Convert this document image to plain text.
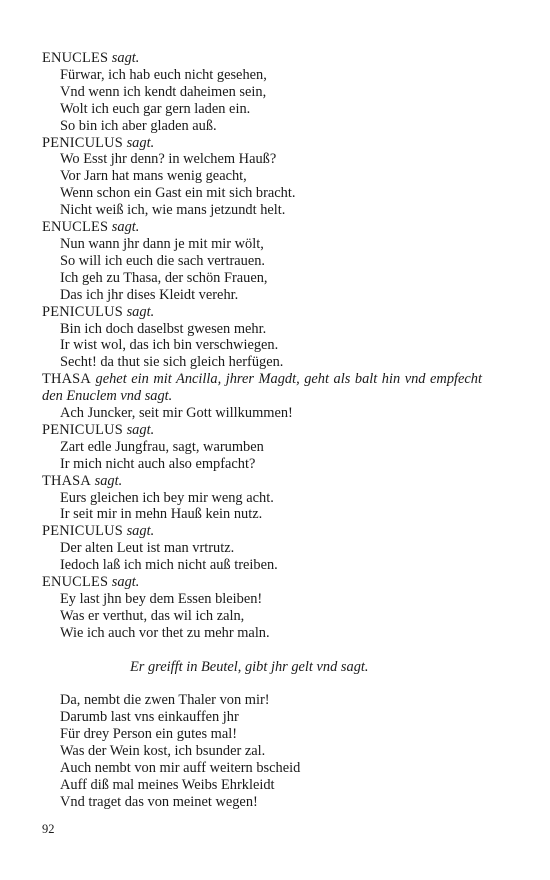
ENUCLES sagt.

Fürwar, ich hab euch nicht gesehen,

Vnd wenn ich kendt daheimen sein,

Wolt ich euch gar gern laden ein.

So bin ich aber gladen auß.

PENICULUS sagt.

Wo Esst jhr denn? in welchem Hauß?

Vor Jarn hat mans wenig geacht,

Wenn schon ein Gast ein mit sich bracht.

Nicht weiß ich, wie mans jetzundt helt.

ENUCLES sagt.

Nun wann jhr dann je mit mir wölt,

So will ich euch die sach vertrauen.

Ich geh zu Thasa, der schön Frauen,

Das ich jhr dises Kleidt verehr.

PENICULUS sagt.

Bin ich doch daselbst gwesen mehr.

Ir wist wol, das ich bin verschwiegen.

Secht! da thut sie sich gleich herfügen.

THASA gehet ein mit Ancilla, jhrer Magdt, geht als balt hin vnd empfecht den Enuclem vnd sagt.

Ach Juncker, seit mir Gott willkummen!

PENICULUS sagt.

Zart edle Jungfrau, sagt, warumben

Ir mich nicht auch also empfacht?

THASA sagt.

Eurs gleichen ich bey mir weng acht.

Ir seit mir in mehn Hauß kein nutz.

PENICULUS sagt.

Der alten Leut ist man vrtrutz.

Iedoch laß ich mich nicht auß treiben.

ENUCLES sagt.

Ey last jhn bey dem Essen bleiben!

Was er verthut, das wil ich zaln,

Wie ich auch vor thet zu mehr maln.

Er greifft in Beutel, gibt jhr gelt vnd sagt.

Da, nembt die zwen Thaler von mir!

Darumb last vns einkauffen jhr

Für drey Person ein gutes mal!

Was der Wein kost, ich bsunder zal.

Auch nembt von mir auff weitern bscheid

Auff diß mal meines Weibs Ehrkleidt

Vnd traget das von meinet wegen!

92
